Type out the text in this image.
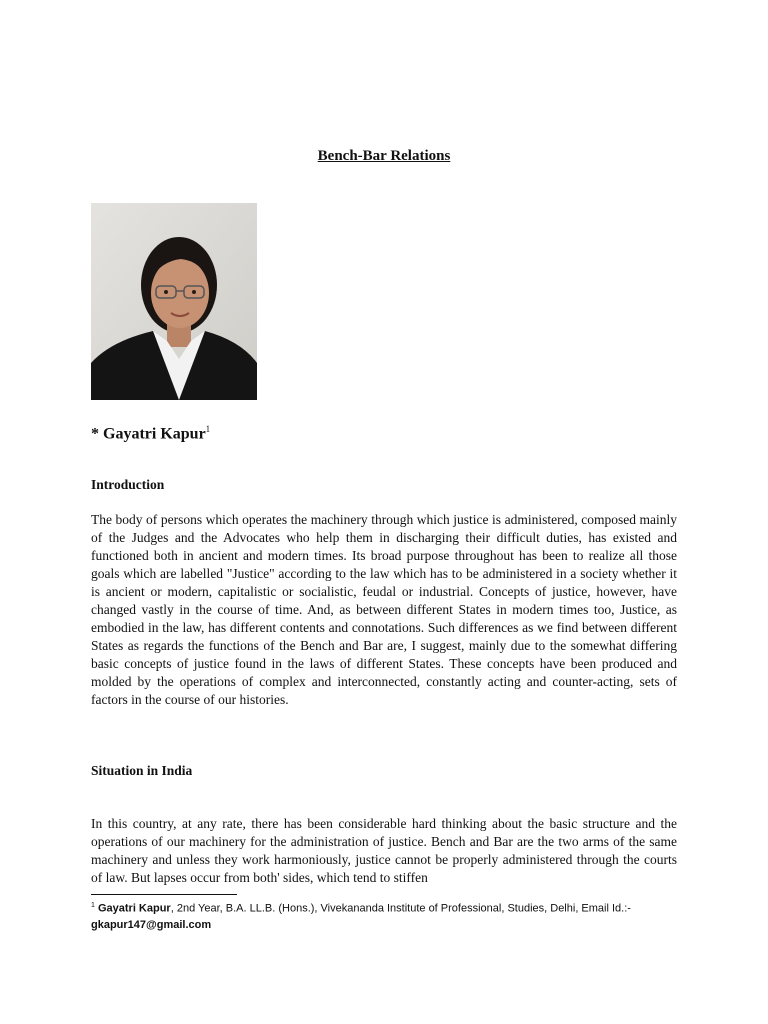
Bench-Bar Relations
* Gayatri Kapur$^1$
Introduction

The body of persons which operates the machinery through which justice is administered, composed mainly of the Judges and the Advocates who help them in discharging their difficult duties, has existed and functioned both in ancient and modern times. Its broad purpose throughout has been to realize all those goals which are labelled "Justice" according to the law which has to be administered in a society whether it is ancient or modern, capitalistic or socialistic, feudal or industrial. Concepts of justice, however, have changed vastly in the course of time. And, as between different States in modern times too, Justice, as embodied in the law, has different contents and connotations. Such differences as we find between different States as regards the functions of the Bench and Bar are, I suggest, mainly due to the somewhat differing basic concepts of justice found in the laws of different States. These concepts have been produced and molded by the operations of complex and interconnected, constantly acting and counter-acting, sets of factors in the course of our histories.

Situation in India

In this country, at any rate, there has been considerable hard thinking about the basic structure and the operations of our machinery for the administration of justice. Bench and Bar are the two arms of the same machinery and unless they work harmoniously, justice cannot be properly administered through the courts of law. But lapses occur from both' sides, which tend to stiffen

$^1$ Gayatri Kapur, 2nd Year, B.A. LL.B. (Hons.), Vivekananda Institute of Professional, Studies, Delhi, Email Id.:-
gkapur147@gmail.com
